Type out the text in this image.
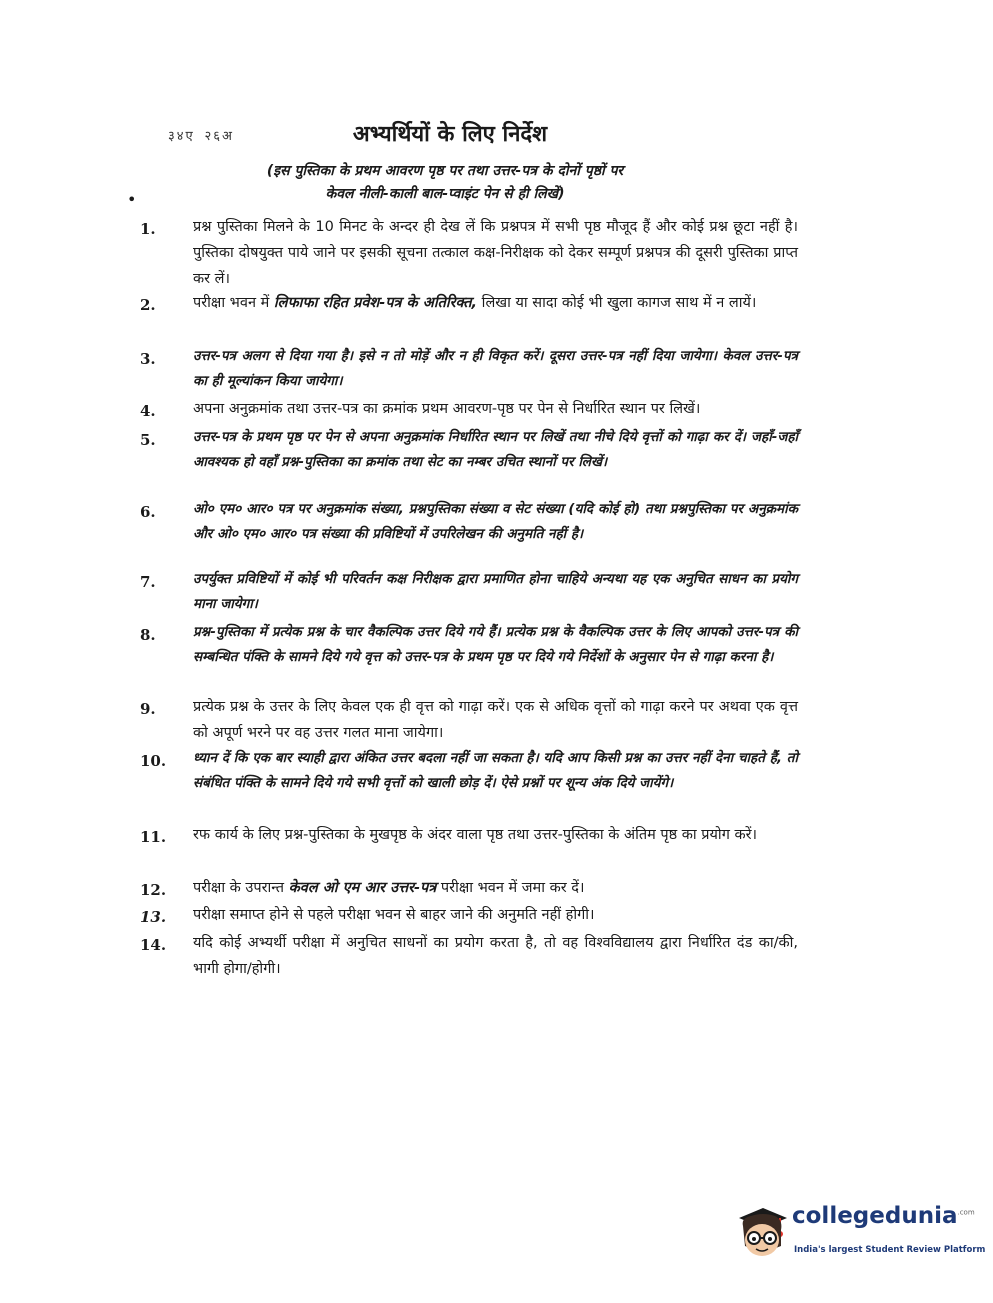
३४ए २६अ	अभ्यर्थियों के लिए निर्देश
(इस पुस्तिका के प्रथम आवरण पृष्ठ पर तथा उत्तर-पत्र के दोनों पृष्ठों पर
केवल नीली-काली बाल-प्वाइंट पेन से ही लिखें)
•
1.	प्रश्न पुस्तिका मिलने के 10 मिनट के अन्दर ही देख लें कि प्रश्नपत्र में सभी पृष्ठ मौजूद हैं और कोई प्रश्न छूटा नहीं है। पुस्तिका दोषयुक्त पाये जाने पर इसकी सूचना तत्काल कक्ष-निरीक्षक को देकर सम्पूर्ण प्रश्नपत्र की दूसरी पुस्तिका प्राप्त कर लें।
2.	परीक्षा भवन में लिफाफा रहित प्रवेश-पत्र के अतिरिक्त, लिखा या सादा कोई भी खुला कागज साथ में न लायें।
3.	उत्तर-पत्र अलग से दिया गया है। इसे न तो मोड़ें और न ही विकृत करें। दूसरा उत्तर-पत्र नहीं दिया जायेगा। केवल उत्तर-पत्र का ही मूल्यांकन किया जायेगा।
4.	अपना अनुक्रमांक तथा उत्तर-पत्र का क्रमांक प्रथम आवरण-पृष्ठ पर पेन से निर्धारित स्थान पर लिखें।
5.	उत्तर-पत्र के प्रथम पृष्ठ पर पेन से अपना अनुक्रमांक निर्धारित स्थान पर लिखें तथा नीचे दिये वृत्तों को गाढ़ा कर दें। जहाँ-जहाँ आवश्यक हो वहाँ प्रश्न-पुस्तिका का क्रमांक तथा सेट का नम्बर उचित स्थानों पर लिखें।
6.	ओ० एम० आर० पत्र पर अनुक्रमांक संख्या, प्रश्नपुस्तिका संख्या व सेट संख्या (यदि कोई हो) तथा प्रश्नपुस्तिका पर अनुक्रमांक और ओ० एम० आर० पत्र संख्या की प्रविष्टियों में उपरिलेखन की अनुमति नहीं है।
7.	उपर्युक्त प्रविष्टियों में कोई भी परिवर्तन कक्ष निरीक्षक द्वारा प्रमाणित होना चाहिये अन्यथा यह एक अनुचित साधन का प्रयोग माना जायेगा।
8.	प्रश्न-पुस्तिका में प्रत्येक प्रश्न के चार वैकल्पिक उत्तर दिये गये हैं। प्रत्येक प्रश्न के वैकल्पिक उत्तर के लिए आपको उत्तर-पत्र की सम्बन्धित पंक्ति के सामने दिये गये वृत्त को उत्तर-पत्र के प्रथम पृष्ठ पर दिये गये निर्देशों के अनुसार पेन से गाढ़ा करना है।
9.	प्रत्येक प्रश्न के उत्तर के लिए केवल एक ही वृत्त को गाढ़ा करें। एक से अधिक वृत्तों को गाढ़ा करने पर अथवा एक वृत्त को अपूर्ण भरने पर वह उत्तर गलत माना जायेगा।
10.	ध्यान दें कि एक बार स्याही द्वारा अंकित उत्तर बदला नहीं जा सकता है। यदि आप किसी प्रश्न का उत्तर नहीं देना चाहते हैं, तो संबंधित पंक्ति के सामने दिये गये सभी वृत्तों को खाली छोड़ दें। ऐसे प्रश्नों पर शून्य अंक दिये जायेंगे।
11.	रफ कार्य के लिए प्रश्न-पुस्तिका के मुखपृष्ठ के अंदर वाला पृष्ठ तथा उत्तर-पुस्तिका के अंतिम पृष्ठ का प्रयोग करें।
12.	परीक्षा के उपरान्त केवल ओ एम आर उत्तर-पत्र परीक्षा भवन में जमा कर दें।
13.	परीक्षा समाप्त होने से पहले परीक्षा भवन से बाहर जाने की अनुमति नहीं होगी।
14.	यदि कोई अभ्यर्थी परीक्षा में अनुचित साधनों का प्रयोग करता है, तो वह विश्वविद्यालय द्वारा निर्धारित दंड का/की, भागी होगा/होगी।
collegedunia$^{.com}$
India's largest Student Review Platform
